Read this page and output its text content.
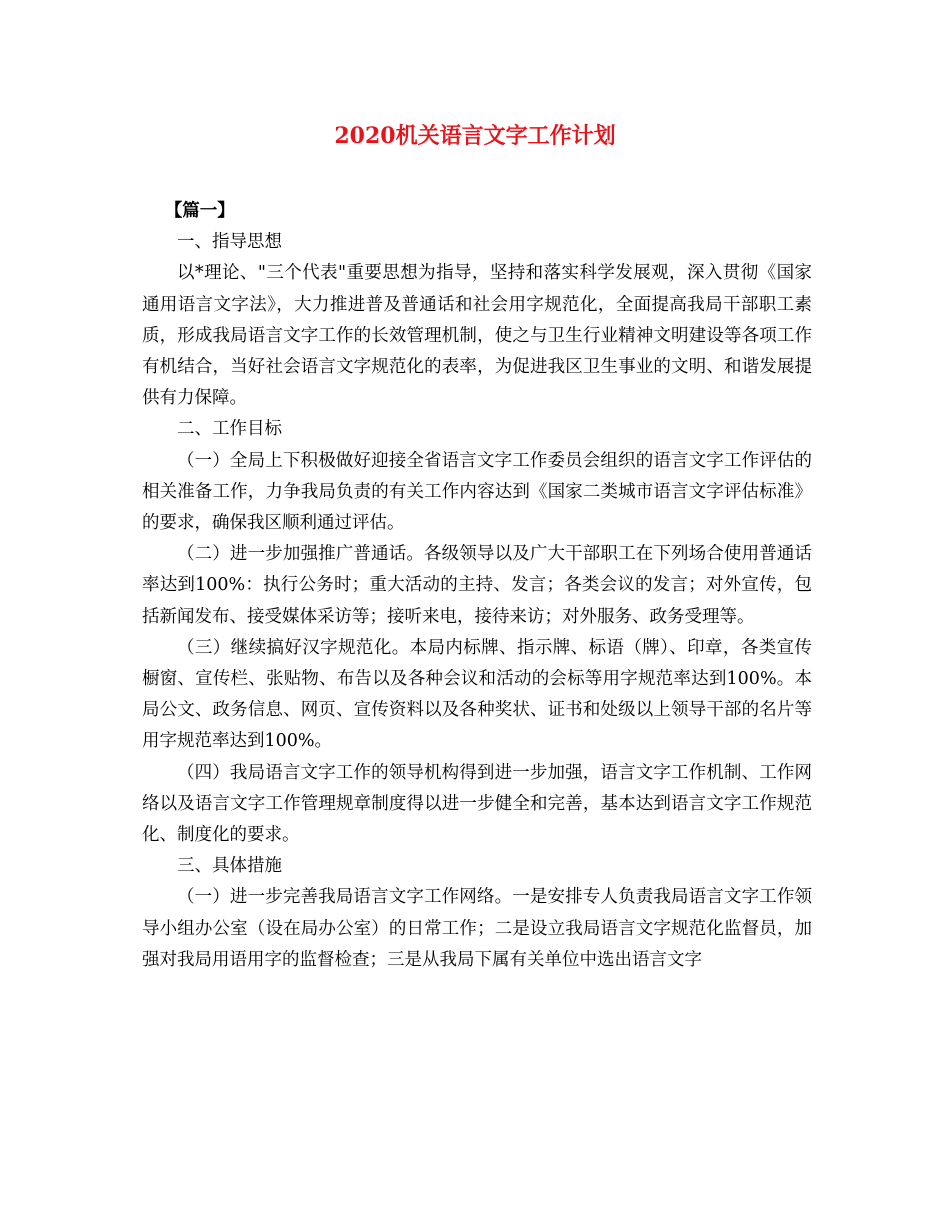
2020机关语言文字工作计划

【篇一】

一、指导思想

以*理论、"三个代表"重要思想为指导，坚持和落实科学发展观，深入贯彻《国家通用语言文字法》，大力推进普及普通话和社会用字规范化，全面提高我局干部职工素质，形成我局语言文字工作的长效管理机制，使之与卫生行业精神文明建设等各项工作有机结合，当好社会语言文字规范化的表率，为促进我区卫生事业的文明、和谐发展提供有力保障。

二、工作目标

（一）全局上下积极做好迎接全省语言文字工作委员会组织的语言文字工作评估的相关准备工作，力争我局负责的有关工作内容达到《国家二类城市语言文字评估标准》的要求，确保我区顺利通过评估。

（二）进一步加强推广普通话。各级领导以及广大干部职工在下列场合使用普通话率达到100%：执行公务时；重大活动的主持、发言；各类会议的发言；对外宣传，包括新闻发布、接受媒体采访等；接听来电，接待来访；对外服务、政务受理等。

（三）继续搞好汉字规范化。本局内标牌、指示牌、标语（牌）、印章，各类宣传橱窗、宣传栏、张贴物、布告以及各种会议和活动的会标等用字规范率达到100%。本局公文、政务信息、网页、宣传资料以及各种奖状、证书和处级以上领导干部的名片等用字规范率达到100%。

（四）我局语言文字工作的领导机构得到进一步加强，语言文字工作机制、工作网络以及语言文字工作管理规章制度得以进一步健全和完善，基本达到语言文字工作规范化、制度化的要求。

三、具体措施

（一）进一步完善我局语言文字工作网络。一是安排专人负责我局语言文字工作领导小组办公室（设在局办公室）的日常工作；二是设立我局语言文字规范化监督员，加强对我局用语用字的监督检查；三是从我局下属有关单位中选出语言文字
